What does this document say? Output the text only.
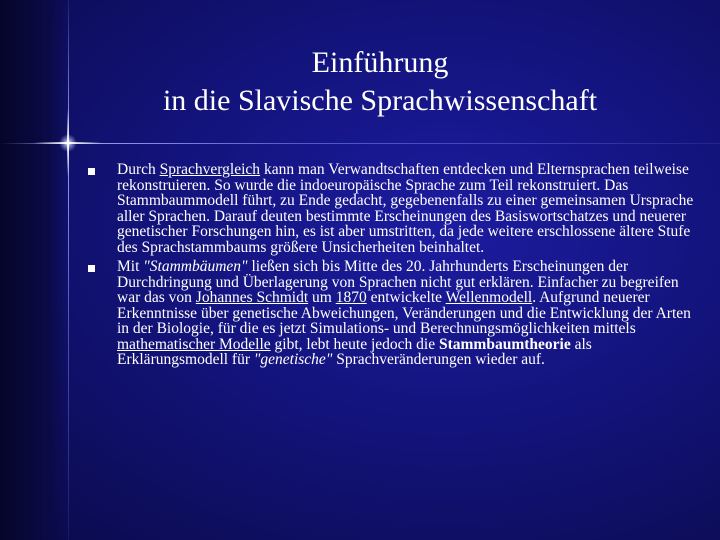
Einführung
in die Slavische Sprachwissenschaft
Durch Sprachvergleich kann man Verwandtschaften entdecken und Elternsprachen teilweise rekonstruieren. So wurde die indoeuropäische Sprache zum Teil rekonstruiert. Das Stammbaummodell führt, zu Ende gedacht, gegebenenfalls zu einer gemeinsamen Ursprache aller Sprachen. Darauf deuten bestimmte Erscheinungen des Basiswortschatzes und neuerer genetischer Forschungen hin, es ist aber umstritten, da jede weitere erschlossene ältere Stufe des Sprachstammbaums größere Unsicherheiten beinhaltet.
Mit "Stammbäumen" ließen sich bis Mitte des 20. Jahrhunderts Erscheinungen der Durchdringung und Überlagerung von Sprachen nicht gut erklären. Einfacher zu begreifen war das von Johannes Schmidt um 1870 entwickelte Wellenmodell. Aufgrund neuerer Erkenntnisse über genetische Abweichungen, Veränderungen und die Entwicklung der Arten in der Biologie, für die es jetzt Simulations- und Berechnungsmöglichkeiten mittels mathematischer Modelle gibt, lebt heute jedoch die Stammbaumtheorie als Erklärungsmodell für "genetische" Sprachveränderungen wieder auf.
